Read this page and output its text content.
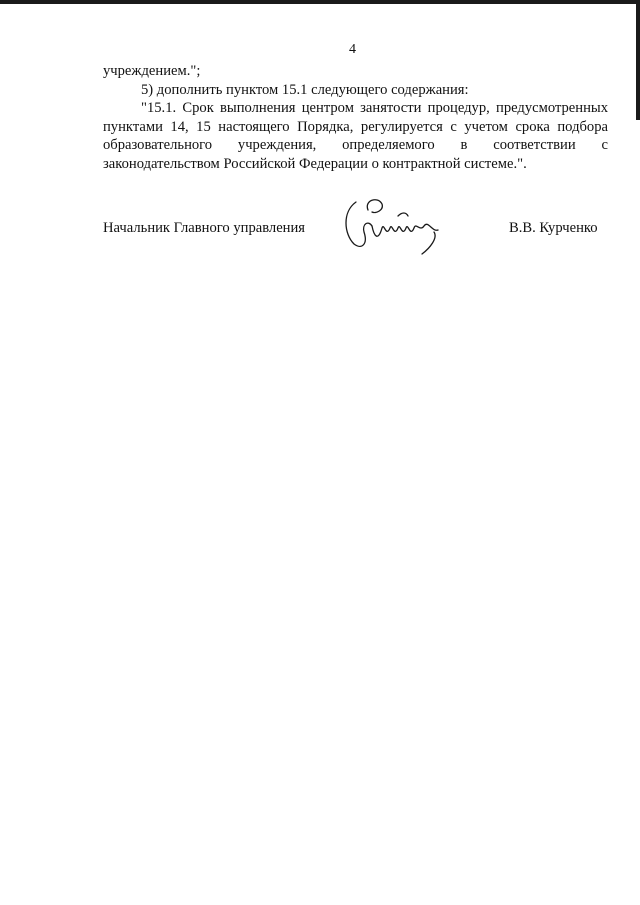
4

учреждением.";

5) дополнить пунктом 15.1 следующего содержания:

"15.1. Срок выполнения центром занятости процедур, предусмотренных пунктами 14, 15 настоящего Порядка, регулируется с учетом срока подбора образовательного учреждения, определяемого в соответствии с законодательством Российской Федерации о контрактной системе.".

Начальник Главного управления	В.В. Курченко
